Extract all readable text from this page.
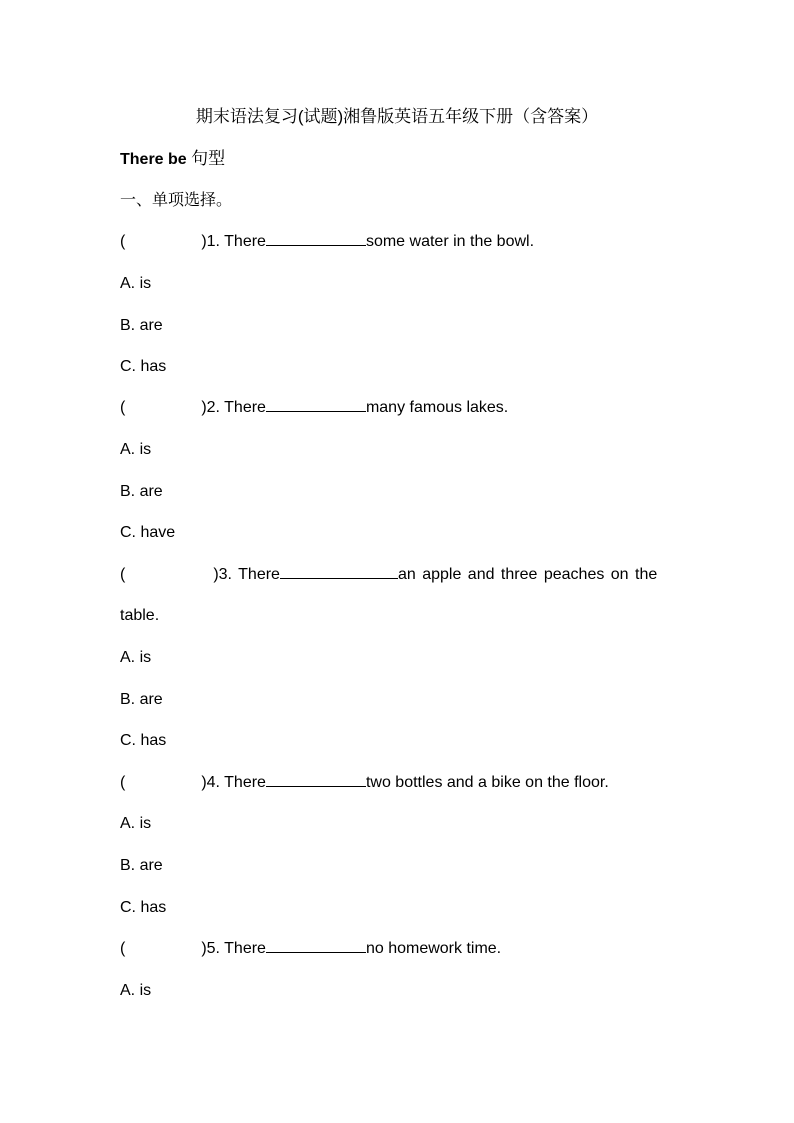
期末语法复习(试题)湘鲁版英语五年级下册（含答案）
There be 句型
一、单项选择。
(	)1. There	some water in the bowl.
A. is
B. are
C. has
(	)2. There	many famous lakes.
A. is
B. are
C. have
(	)3. There	an apple and three peaches on the
table.
A. is
B. are
C. has
(	)4. There	two bottles and a bike on the floor.
A. is
B. are
C. has
(	)5. There	no homework time.
A. is
